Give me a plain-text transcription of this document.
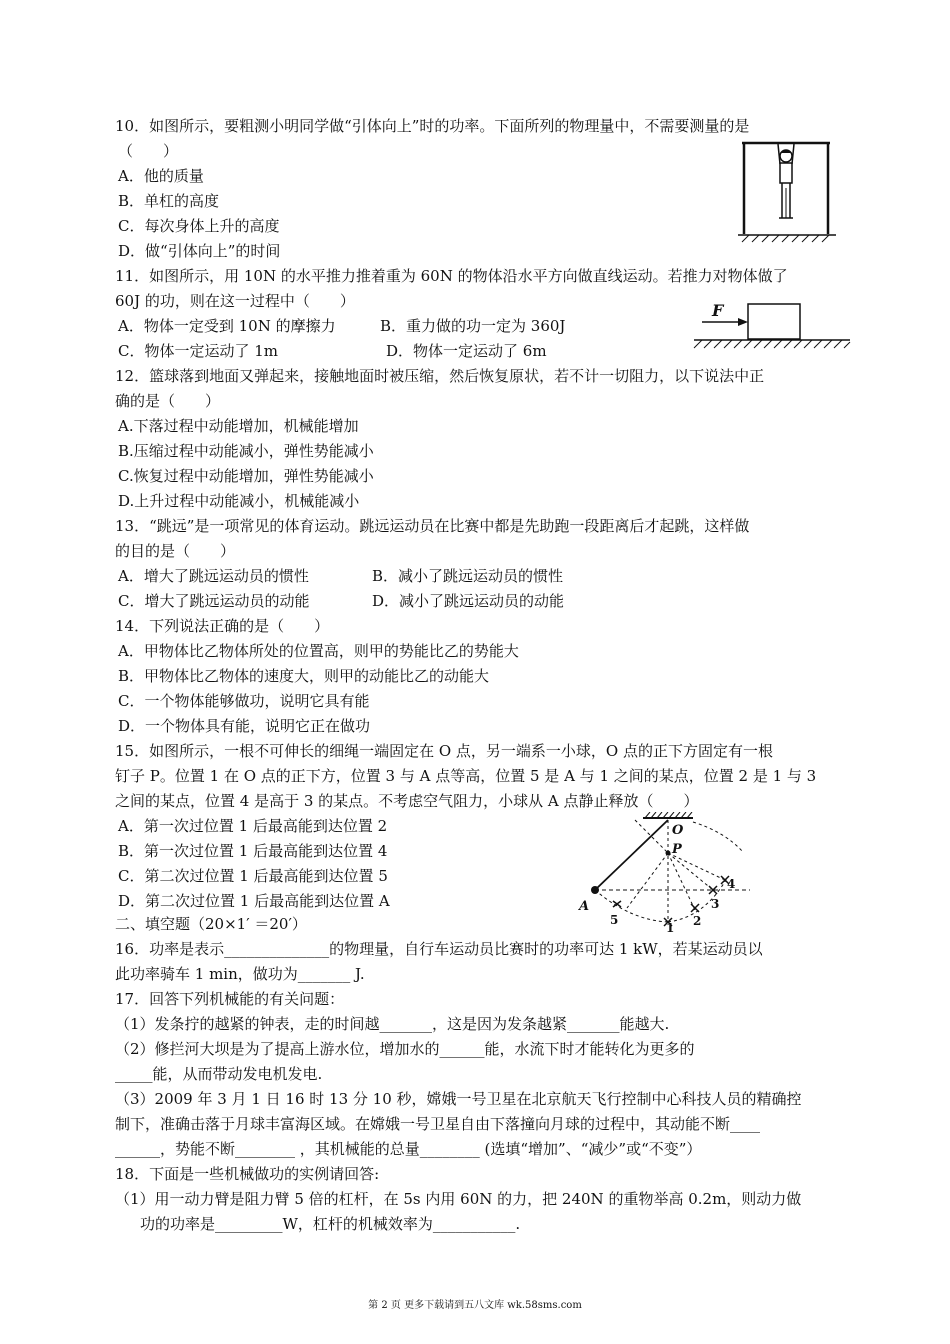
10．如图所示，要粗测小明同学做“引体向上”时的功率。下面所列的物理量中，不需要测量的是
（　　）
A．他的质量
B．单杠的高度
C．每次身体上升的高度
D．做“引体向上”的时间
11．如图所示，用 10N 的水平推力推着重为 60N 的物体沿水平方向做直线运动。若推力对物体做了
60J 的功，则在这一过程中（　　）
A．物体一定受到 10N 的摩擦力	B．重力做的功一定为 360J
C．物体一定运动了 1m	D．物体一定运动了 6m
F
12．篮球落到地面又弹起来，接触地面时被压缩，然后恢复原状，若不计一切阻力，以下说法中正
确的是（　　）
A.下落过程中动能增加，机械能增加
B.压缩过程中动能减小，弹性势能减小
C.恢复过程中动能增加，弹性势能减小
D.上升过程中动能减小，机械能减小
13．“跳远”是一项常见的体育运动。跳远运动员在比赛中都是先助跑一段距离后才起跳，这样做
的目的是（　　）
A．增大了跳远运动员的惯性	B．减小了跳远运动员的惯性
C．增大了跳远运动员的动能	D．减小了跳远运动员的动能
14．下列说法正确的是（　　）
A．甲物体比乙物体所处的位置高，则甲的势能比乙的势能大
B．甲物体比乙物体的速度大，则甲的动能比乙的动能大
C．一个物体能够做功，说明它具有能
D．一个物体具有能，说明它正在做功
15．如图所示，一根不可伸长的细绳一端固定在 O 点，另一端系一小球，O 点的正下方固定有一根
钉子 P。位置 1 在 O 点的正下方，位置 3 与 A 点等高，位置 5 是 A 与 1 之间的某点，位置 2 是 1 与 3
之间的某点，位置 4 是高于 3 的某点。不考虑空气阻力，小球从 A 点静止释放（　　）
A．第一次过位置 1 后最高能到达位置 2
B．第一次过位置 1 后最高能到达位置 4
C．第二次过位置 1 后最高能到达位置 5
D．第二次过位置 1 后最高能到达位置 A
O
P
A
5
1 2
3
4
二、填空题（20×1′ ＝20′）
16．功率是表示______________的物理量，自行车运动员比赛时的功率可达 1 kW，若某运动员以
此功率骑车 1 min，做功为_______ J.
17．回答下列机械能的有关问题：
（1）发条拧的越紧的钟表，走的时间越_______，这是因为发条越紧_______能越大.
（2）修拦河大坝是为了提高上游水位，增加水的______能，水流下时才能转化为更多的
_____能，从而带动发电机发电.
（3）2009 年 3 月 1 日 16 时 13 分 10 秒，嫦娥一号卫星在北京航天飞行控制中心科技人员的精确控
制下，准确击落于月球丰富海区域。在嫦娥一号卫星自由下落撞向月球的过程中，其动能不断____
______，势能不断________ ，其机械能的总量________ (选填“增加”、“减少”或“不变”）
18．下面是一些机械做功的实例请回答:
（1）用一动力臂是阻力臂 5 倍的杠杆，在 5s 内用 60N 的力，把 240N 的重物举高 0.2m，则动力做
功的功率是_________W，杠杆的机械效率为___________.
第 2 页 更多下载请到五八文库 wk.58sms.com
